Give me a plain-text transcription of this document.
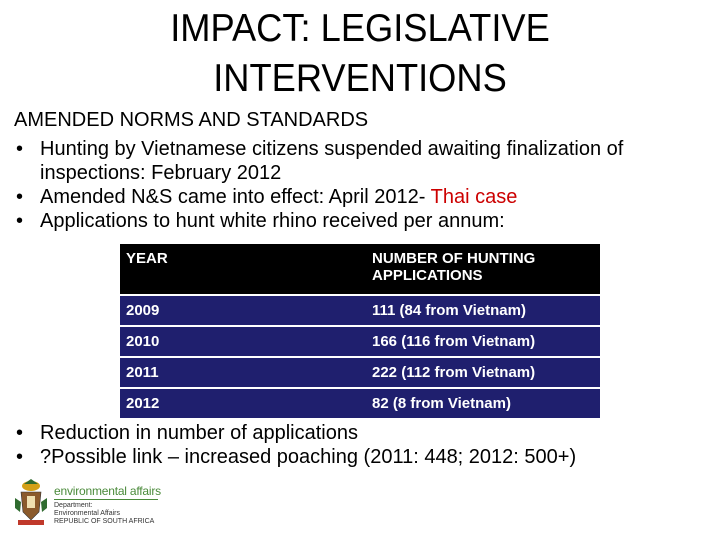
IMPACT: LEGISLATIVE
INTERVENTIONS
AMENDED NORMS AND STANDARDS
• Hunting by Vietnamese citizens suspended awaiting finalization of inspections: February 2012
• Amended N&S came into effect: April 2012- Thai case
• Applications to hunt white rhino received per annum:
YEAR	NUMBER OF HUNTING APPLICATIONS
2009	111 (84 from Vietnam)
2010	166 (116 from Vietnam)
2011	222 (112 from Vietnam)
2012	82 (8 from Vietnam)
• Reduction in number of applications
• ?Possible link – increased poaching (2011: 448; 2012: 500+)
environmental affairs
Department:
Environmental Affairs
REPUBLIC OF SOUTH AFRICA
